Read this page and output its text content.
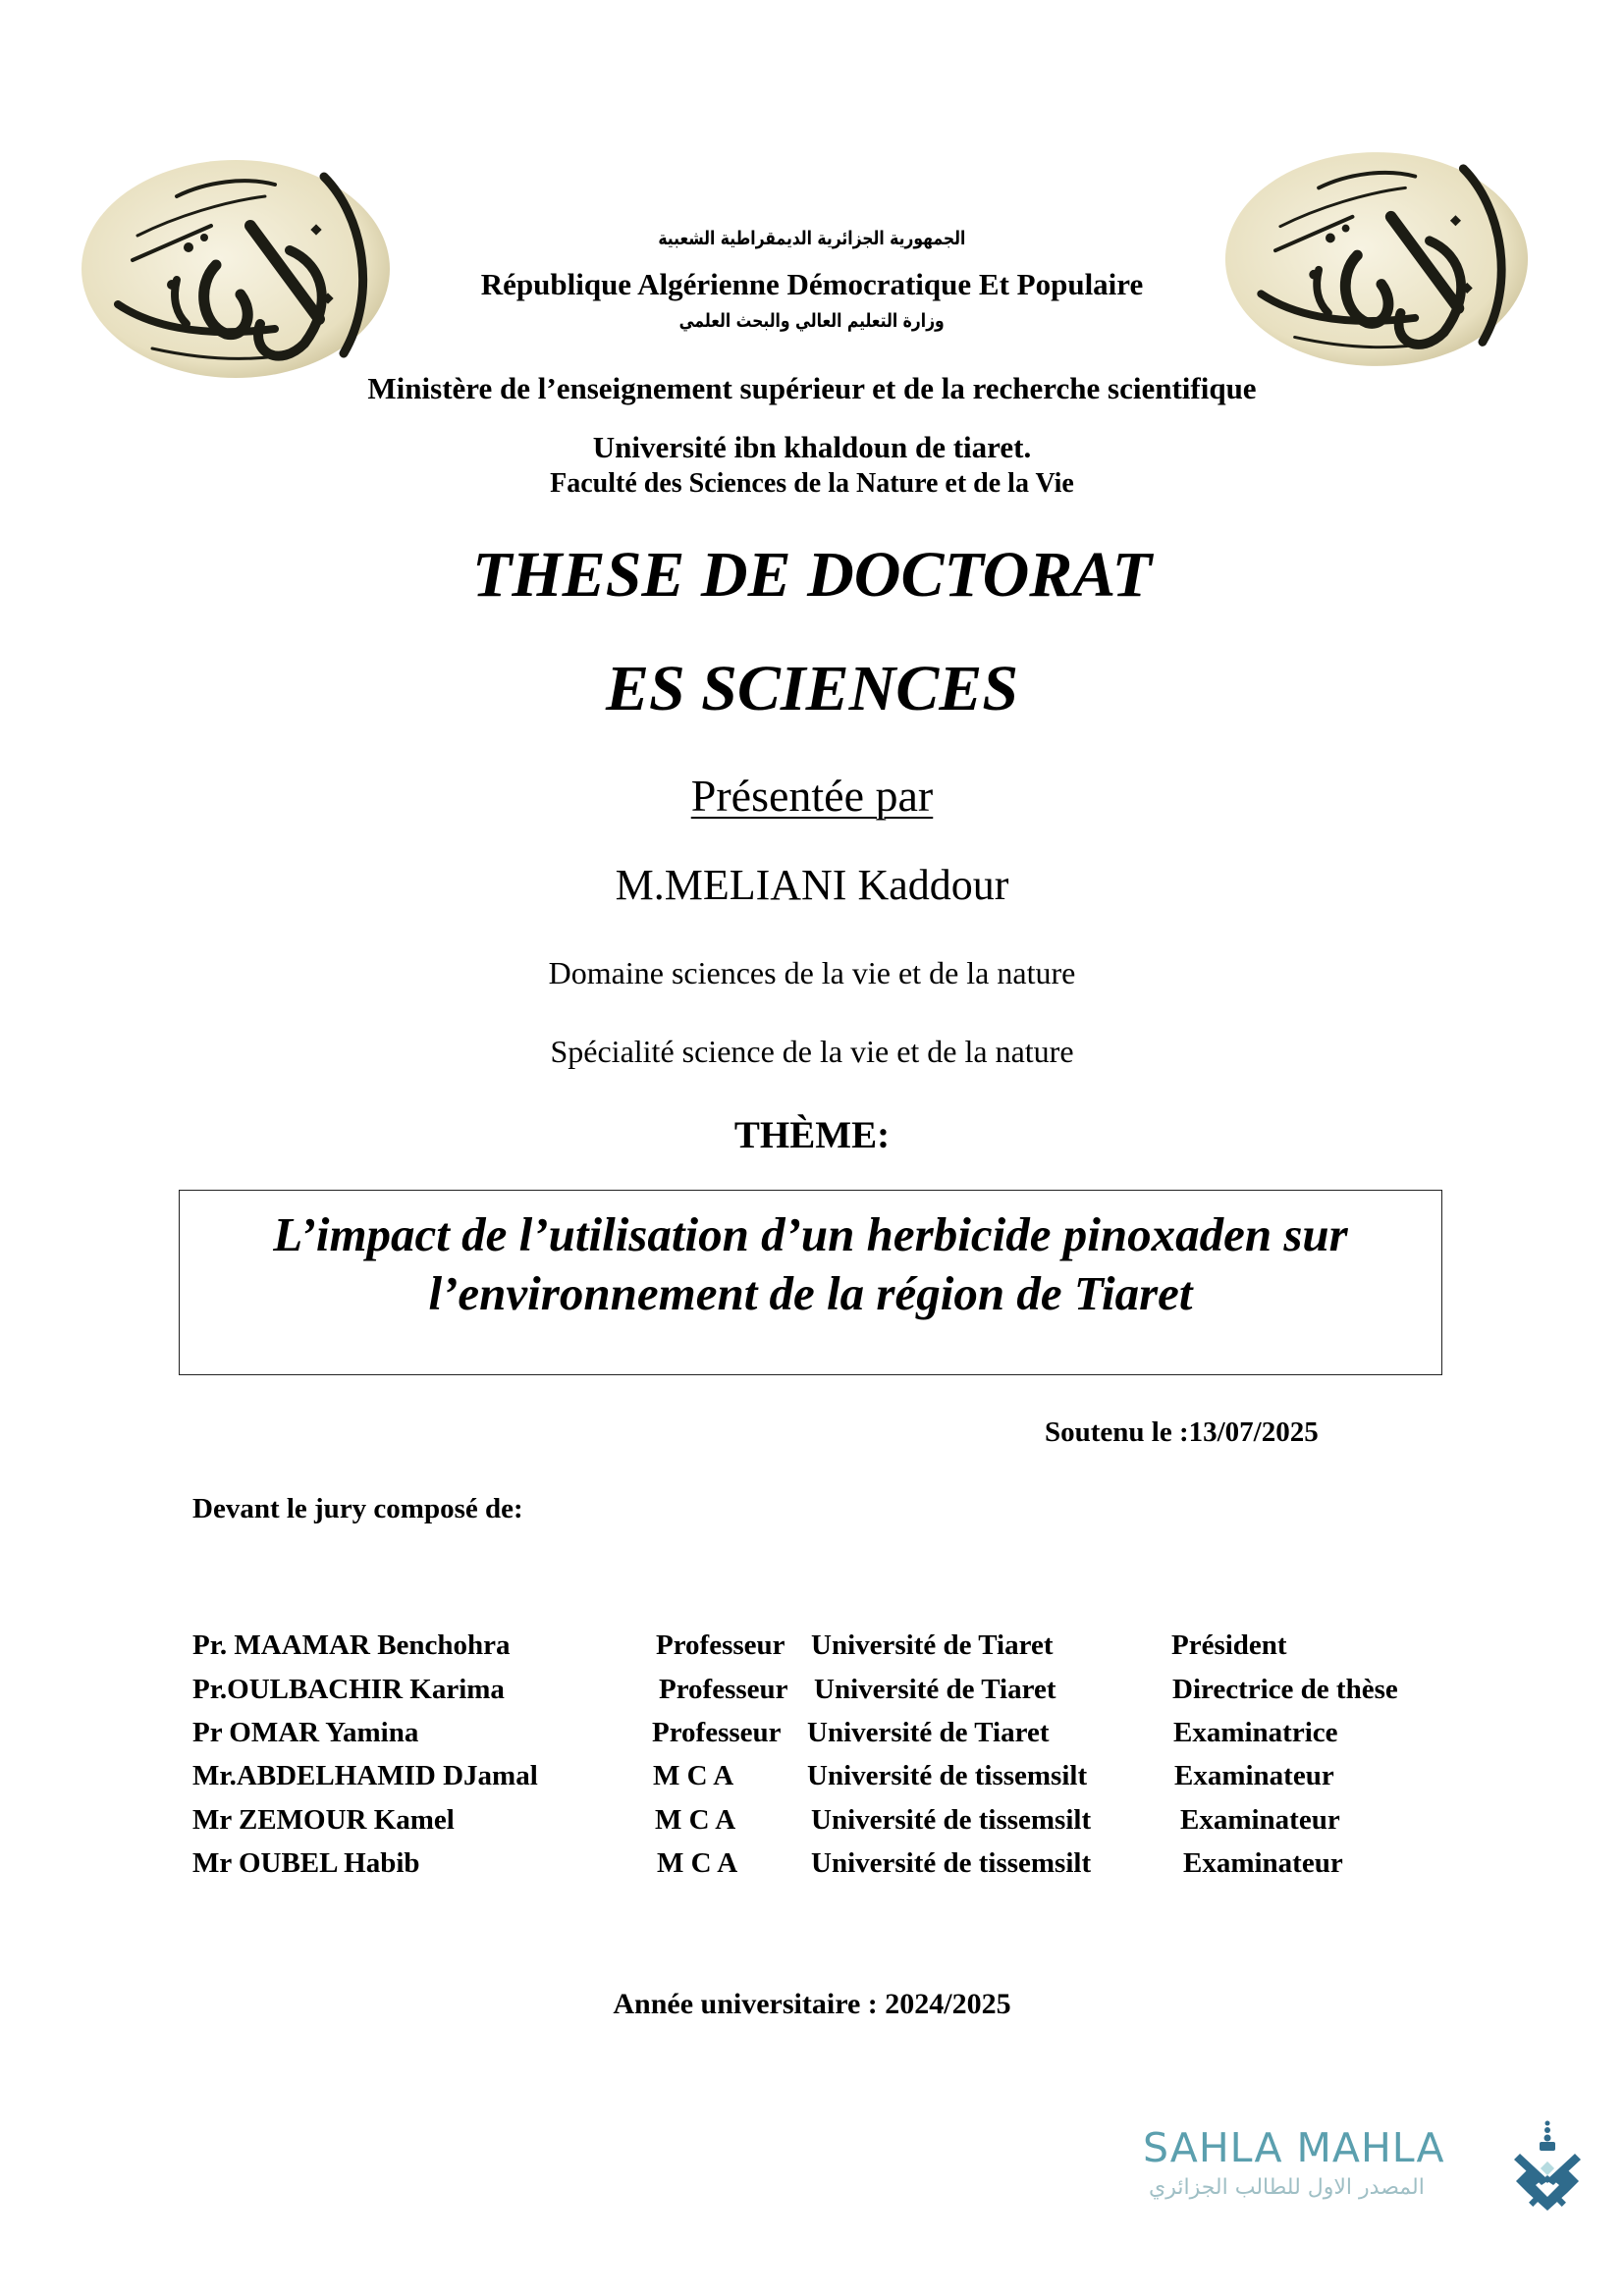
الجمهورية الجزائرية الديمقراطية الشعبية
République Algérienne Démocratique Et Populaire
وزارة التعليم العالي والبحث العلمي
Ministère de l’enseignement supérieur et de la recherche scientifique
Université ibn khaldoun de tiaret.
Faculté des Sciences de la Nature et de la Vie
THESE DE DOCTORAT
ES SCIENCES
Présentée par
M.MELIANI Kaddour
Domaine sciences de la vie et de la nature
Spécialité science de la vie et de la nature
THÈME:
L’impact de l’utilisation d’un herbicide pinoxaden sur
l’environnement de la région de Tiaret
Soutenu le :13/07/2025
Devant le jury composé de:
Pr. MAAMAR Benchohra	Professeur Université de Tiaret	Président
Pr.OULBACHIR Karima	Professeur Université de Tiaret	Directrice de thèse
Pr OMAR Yamina	Professeur Université de Tiaret	Examinatrice
Mr.ABDELHAMID DJamal	M C A	Université de tissemsilt	Examinateur
Mr ZEMOUR Kamel	M C A	Université de tissemsilt	Examinateur
Mr OUBEL Habib	M C A	Université de tissemsilt	Examinateur
Année universitaire : 2024/2025
SAHLA MAHLA
المصدر الاول للطالب الجزائري
